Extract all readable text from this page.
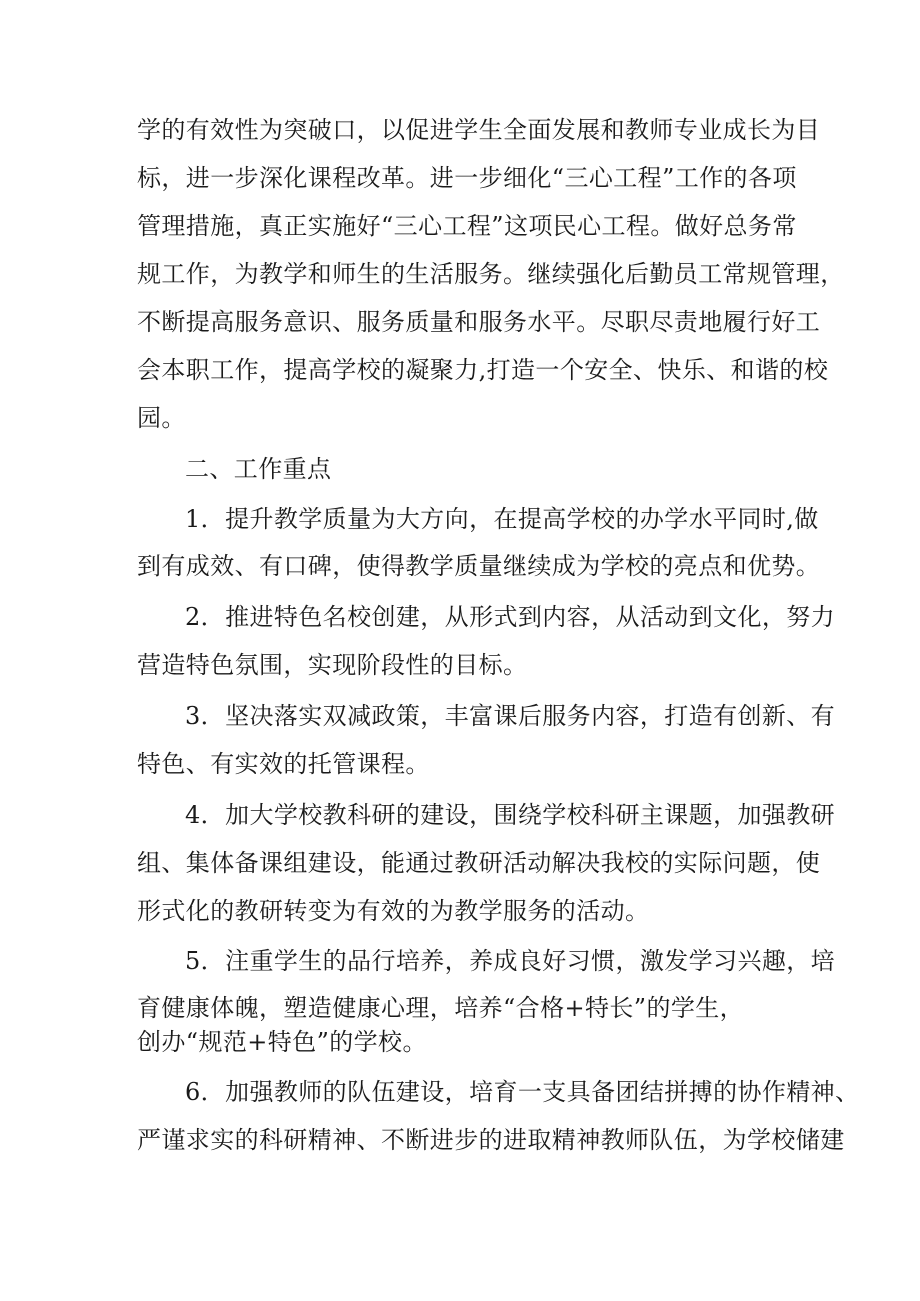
学的有效性为突破口，以促进学生全面发展和教师专业成长为目
标，进一步深化课程改革。进一步细化“三心工程”工作的各项
管理措施，真正实施好“三心工程”这项民心工程。做好总务常
规工作，为教学和师生的生活服务。继续强化后勤员工常规管理，
不断提高服务意识、服务质量和服务水平。尽职尽责地履行好工
会本职工作，提高学校的凝聚力,打造一个安全、快乐、和谐的校
园。
二、工作重点
1．提升教学质量为大方向，在提高学校的办学水平同时,做
到有成效、有口碑，使得教学质量继续成为学校的亮点和优势。
2．推进特色名校创建，从形式到内容，从活动到文化，努力
营造特色氛围，实现阶段性的目标。
3．坚决落实双减政策，丰富课后服务内容，打造有创新、有
特色、有实效的托管课程。
4．加大学校教科研的建设，围绕学校科研主课题，加强教研
组、集体备课组建设，能通过教研活动解决我校的实际问题，使
形式化的教研转变为有效的为教学服务的活动。
5．注重学生的品行培养，养成良好习惯，激发学习兴趣，培
育健康体魄，塑造健康心理，培养“合格+特长”的学生，
创办“规范+特色”的学校。
6．加强教师的队伍建设，培育一支具备团结拼搏的协作精神、
严谨求实的科研精神、不断进步的进取精神教师队伍，为学校储建
